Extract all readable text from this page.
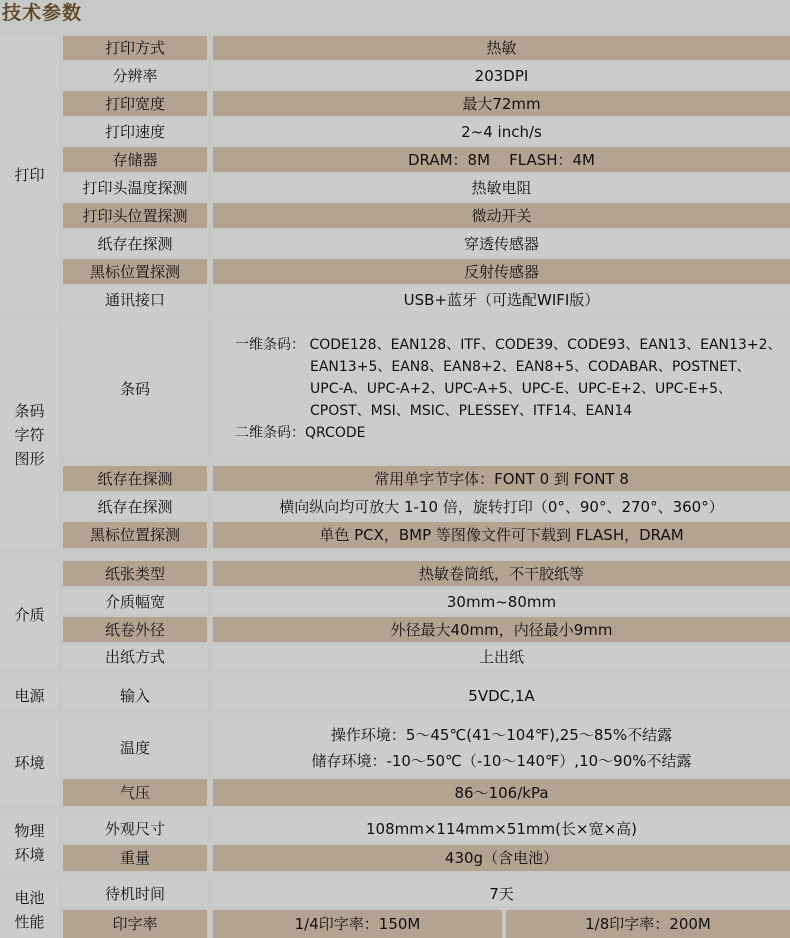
技术参数
打印
打印方式	热敏
分辨率	203DPI
打印宽度	最大72mm
打印速度	2~4 inch/s
存储器	DRAM：8M    FLASH：4M
打印头温度探测	热敏电阻
打印头位置探测	微动开关
纸存在探测	穿透传感器
黑标位置探测	反射传感器
通讯接口	USB+蓝牙（可选配WIFI版）
条码
字符
图形
条码
一维条码： CODE128、EAN128、ITF、CODE39、CODE93、EAN13、EAN13+2、
EAN13+5、EAN8、EAN8+2、EAN8+5、CODABAR、POSTNET、
UPC-A、UPC-A+2、UPC-A+5、UPC-E、UPC-E+2、UPC-E+5、
CPOST、MSI、MSIC、PLESSEY、ITF14、EAN14
二维条码：QRCODE
纸存在探测	常用单字节字体：FONT 0 到 FONT 8
纸存在探测	横向纵向均可放大 1-10 倍，旋转打印（0°、90°、270°、360°）
黑标位置探测	单色 PCX，BMP 等图像文件可下载到 FLASH，DRAM
介质
纸张类型	热敏卷筒纸，不干胶纸等
介质幅宽	30mm~80mm
纸卷外径	外径最大40mm，内径最小9mm
出纸方式	上出纸
电源	输入	5VDC,1A
环境
温度
操作环境：5～45℃(41～104℉),25～85%不结露
储存环境：-10～50℃（-10～140℉）,10～90%不结露
气压	86～106/kPa
物理
环境
外观尺寸	108mm×114mm×51mm(长×宽×高)
重量	430g（含电池）
电池
性能
待机时间	7天
印字率	1/4印字率：150M	1/8印字率：200M
